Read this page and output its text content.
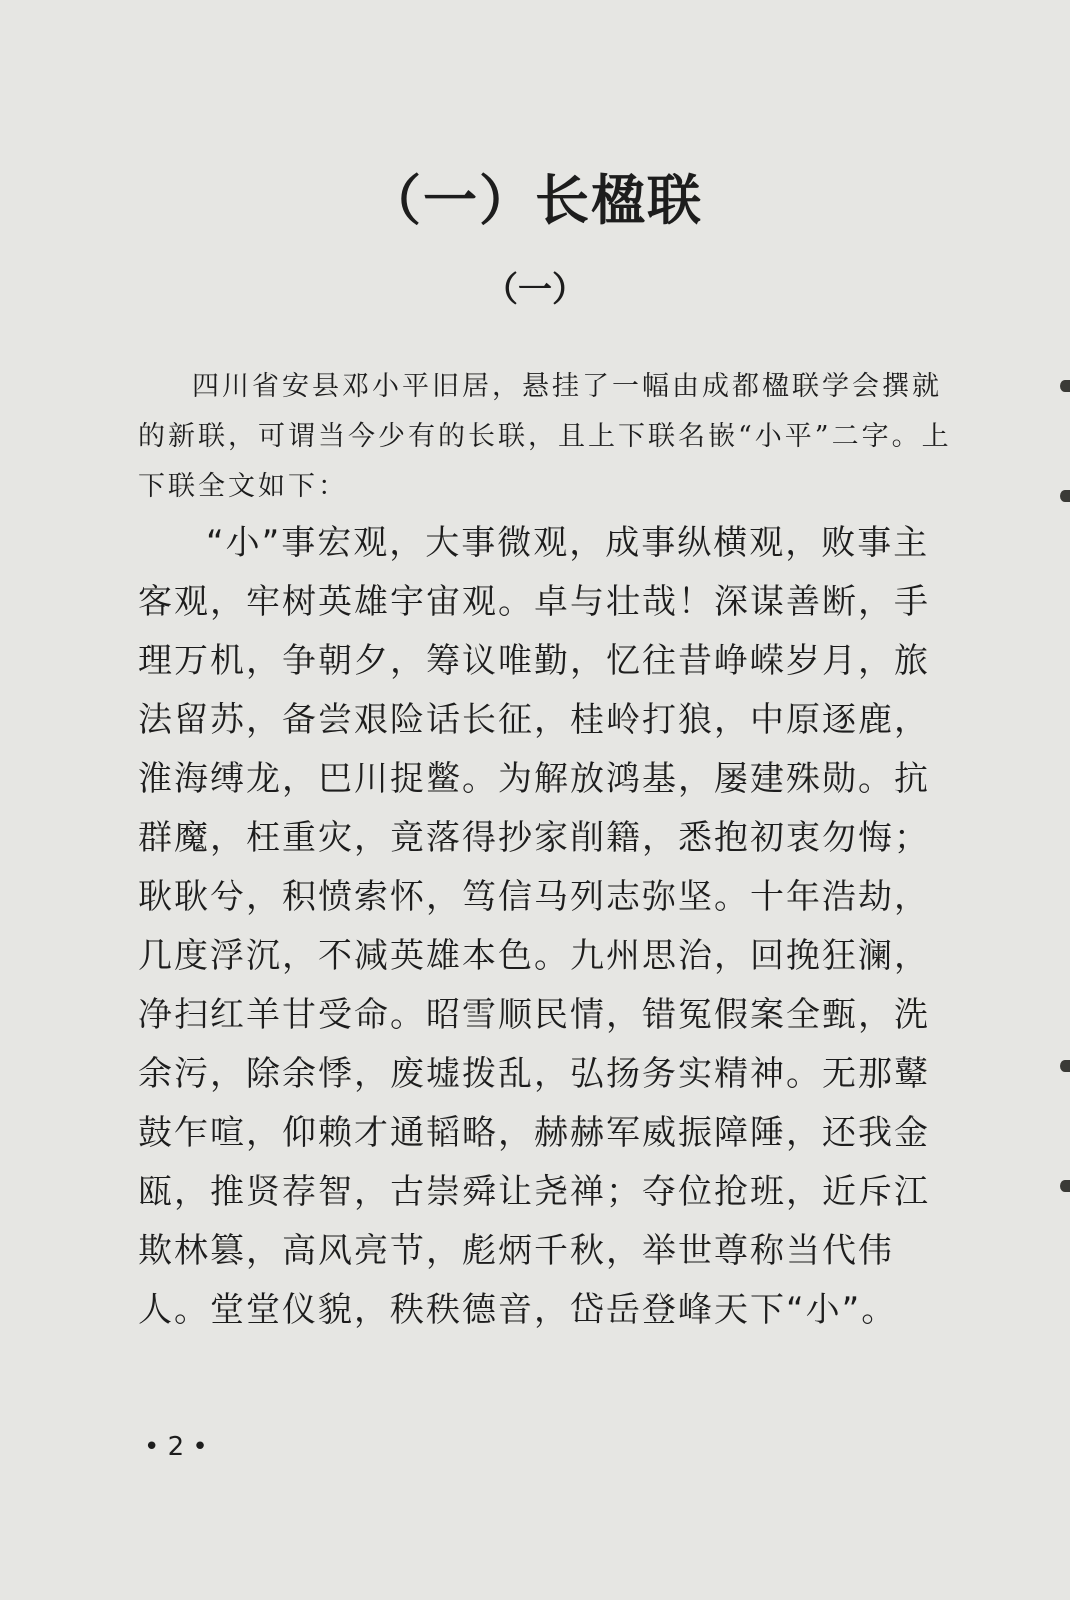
（一）长楹联
（一）

四川省安县邓小平旧居，悬挂了一幅由成都楹联学会撰就的新联，可谓当今少有的长联，且上下联名嵌“小平”二字。上下联全文如下：

“小”事宏观，大事微观，成事纵横观，败事主客观，牢树英雄宇宙观。卓与壮哉！深谋善断，手理万机，争朝夕，筹议唯勤，忆往昔峥嵘岁月，旅法留苏，备尝艰险话长征，桂岭打狼，中原逐鹿，淮海缚龙，巴川捉鳖。为解放鸿基，屡建殊勋。抗群魔，枉重灾，竟落得抄家削籍，悉抱初衷勿悔；耿耿兮，积愤索怀，笃信马列志弥坚。十年浩劫，几度浮沉，不减英雄本色。九州思治，回挽狂澜，净扫红羊甘受命。昭雪顺民情，错冤假案全甄，洗余污，除余悸，废墟拨乱，弘扬务实精神。无那鼙鼓乍喧，仰赖才通韬略，赫赫军威振障陲，还我金瓯，推贤荐智，古崇舜让尧禅；夺位抢班，近斥江欺林篡，高风亮节，彪炳千秋，举世尊称当代伟人。堂堂仪貌，秩秩德音，岱岳登峰天下“小”。

• 2 •
